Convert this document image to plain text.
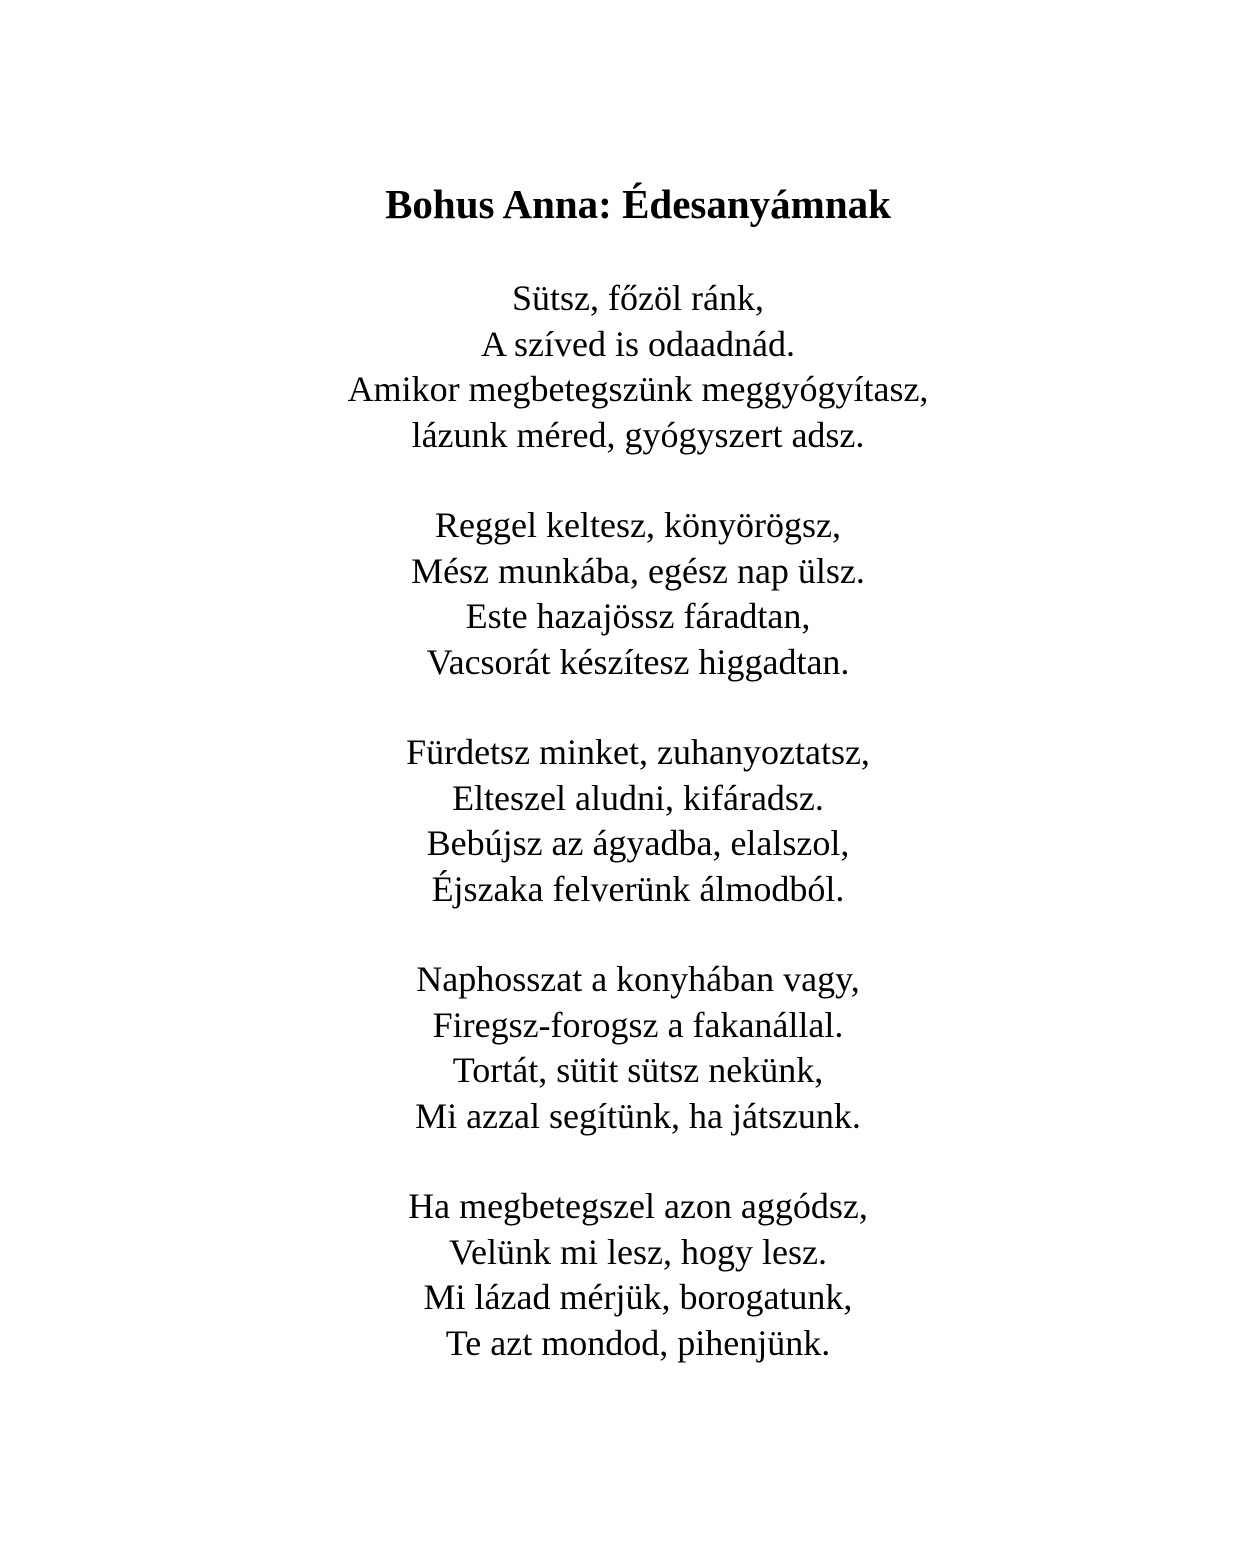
Bohus Anna: Édesanyámnak
Sütsz, főzöl ránk,
A szíved is odaadnád.
Amikor megbetegszünk meggyógyítasz,
lázunk méred, gyógyszert adsz.
Reggel keltesz, könyörögsz,
Mész munkába, egész nap ülsz.
Este hazajössz fáradtan,
Vacsorát készítesz higgadtan.
Fürdetsz minket, zuhanyoztatsz,
Elteszel aludni, kifáradsz.
Bebújsz az ágyadba, elalszol,
Éjszaka felverünk álmodból.
Naphosszat a konyhában vagy,
Firegsz-forogsz a fakanállal.
Tortát, sütit sütsz nekünk,
Mi azzal segítünk, ha játszunk.
Ha megbetegszel azon aggódsz,
Velünk mi lesz, hogy lesz.
Mi lázad mérjük, borogatunk,
Te azt mondod, pihenjünk.
